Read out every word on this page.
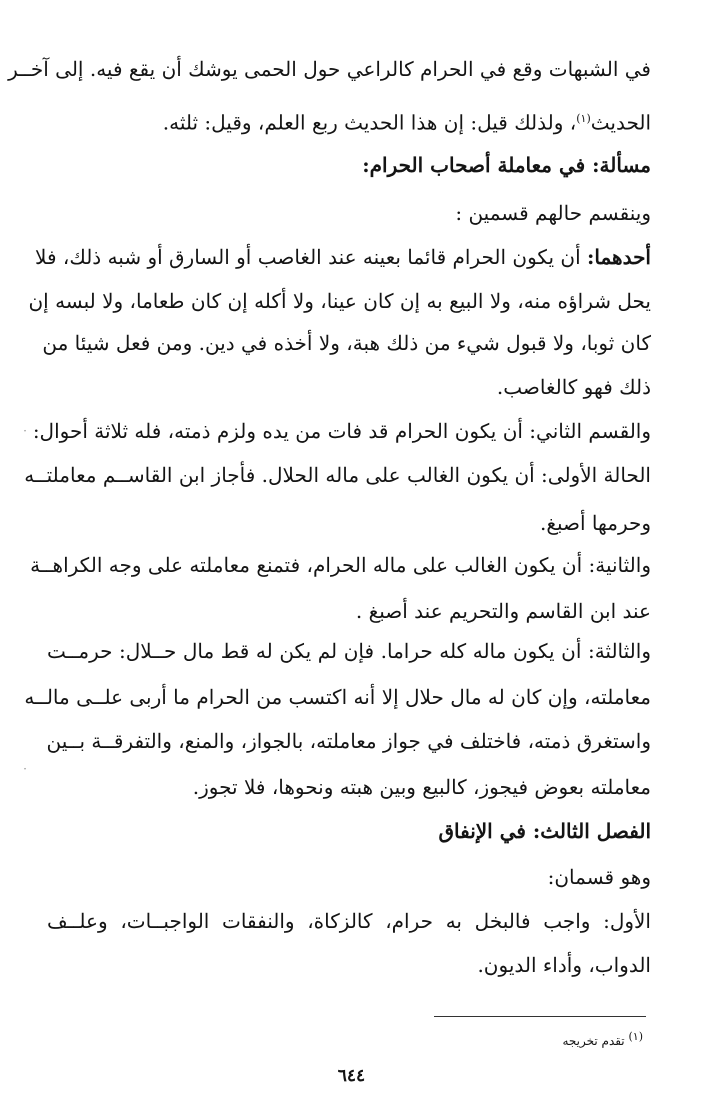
في الشبهات وقع في الحرام كالراعي حول الحمى يوشك أن يقع فيه. إلى آخــر
الحديث$^{(١)}$، ولذلك قيل: إن هذا الحديث ربع العلم، وقيل: ثلثه.
مسألة: في معاملة أصحاب الحرام:
وينقسم حالهم قسمين :
أحدهما: أن يكون الحرام قائما بعينه عند الغاصب أو السارق أو شبه ذلك، فلا
يحل شراؤه منه، ولا البيع به إن كان عينا، ولا أكله إن كان طعاما، ولا لبسه إن
كان ثوبا، ولا قبول شيء من ذلك هبة، ولا أخذه في دين. ومن فعل شيئا من
ذلك فهو كالغاصب.
والقسم الثاني: أن يكون الحرام قد فات من يده ولزم ذمته، فله ثلاثة أحوال:
الحالة الأولى: أن يكون الغالب على ماله الحلال. فأجاز ابن القاســم معاملتــه
وحرمها أصبغ.
والثانية: أن يكون الغالب على ماله الحرام، فتمنع معاملته على وجه الكراهــة
عند ابن القاسم والتحريم عند أصبغ .
والثالثة: أن يكون ماله كله حراما. فإن لم يكن له قط مال حــلال: حرمــت
معاملته، وإن كان له مال حلال إلا أنه اكتسب من الحرام ما أربى علــى مالــه
واستغرق ذمته، فاختلف في جواز معاملته، بالجواز، والمنع، والتفرقــة بــين
معاملته بعوض فيجوز، كالبيع وبين هبته ونحوها، فلا تجوز.
الفصل الثالث: في الإنفاق
وهو قسمان:
الأول: واجب فالبخل به حرام، كالزكاة، والنفقات الواجبــات، وعلــف
الدواب، وأداء الديون.
(١) تقدم تخريجه
٦٤٤
·
·
